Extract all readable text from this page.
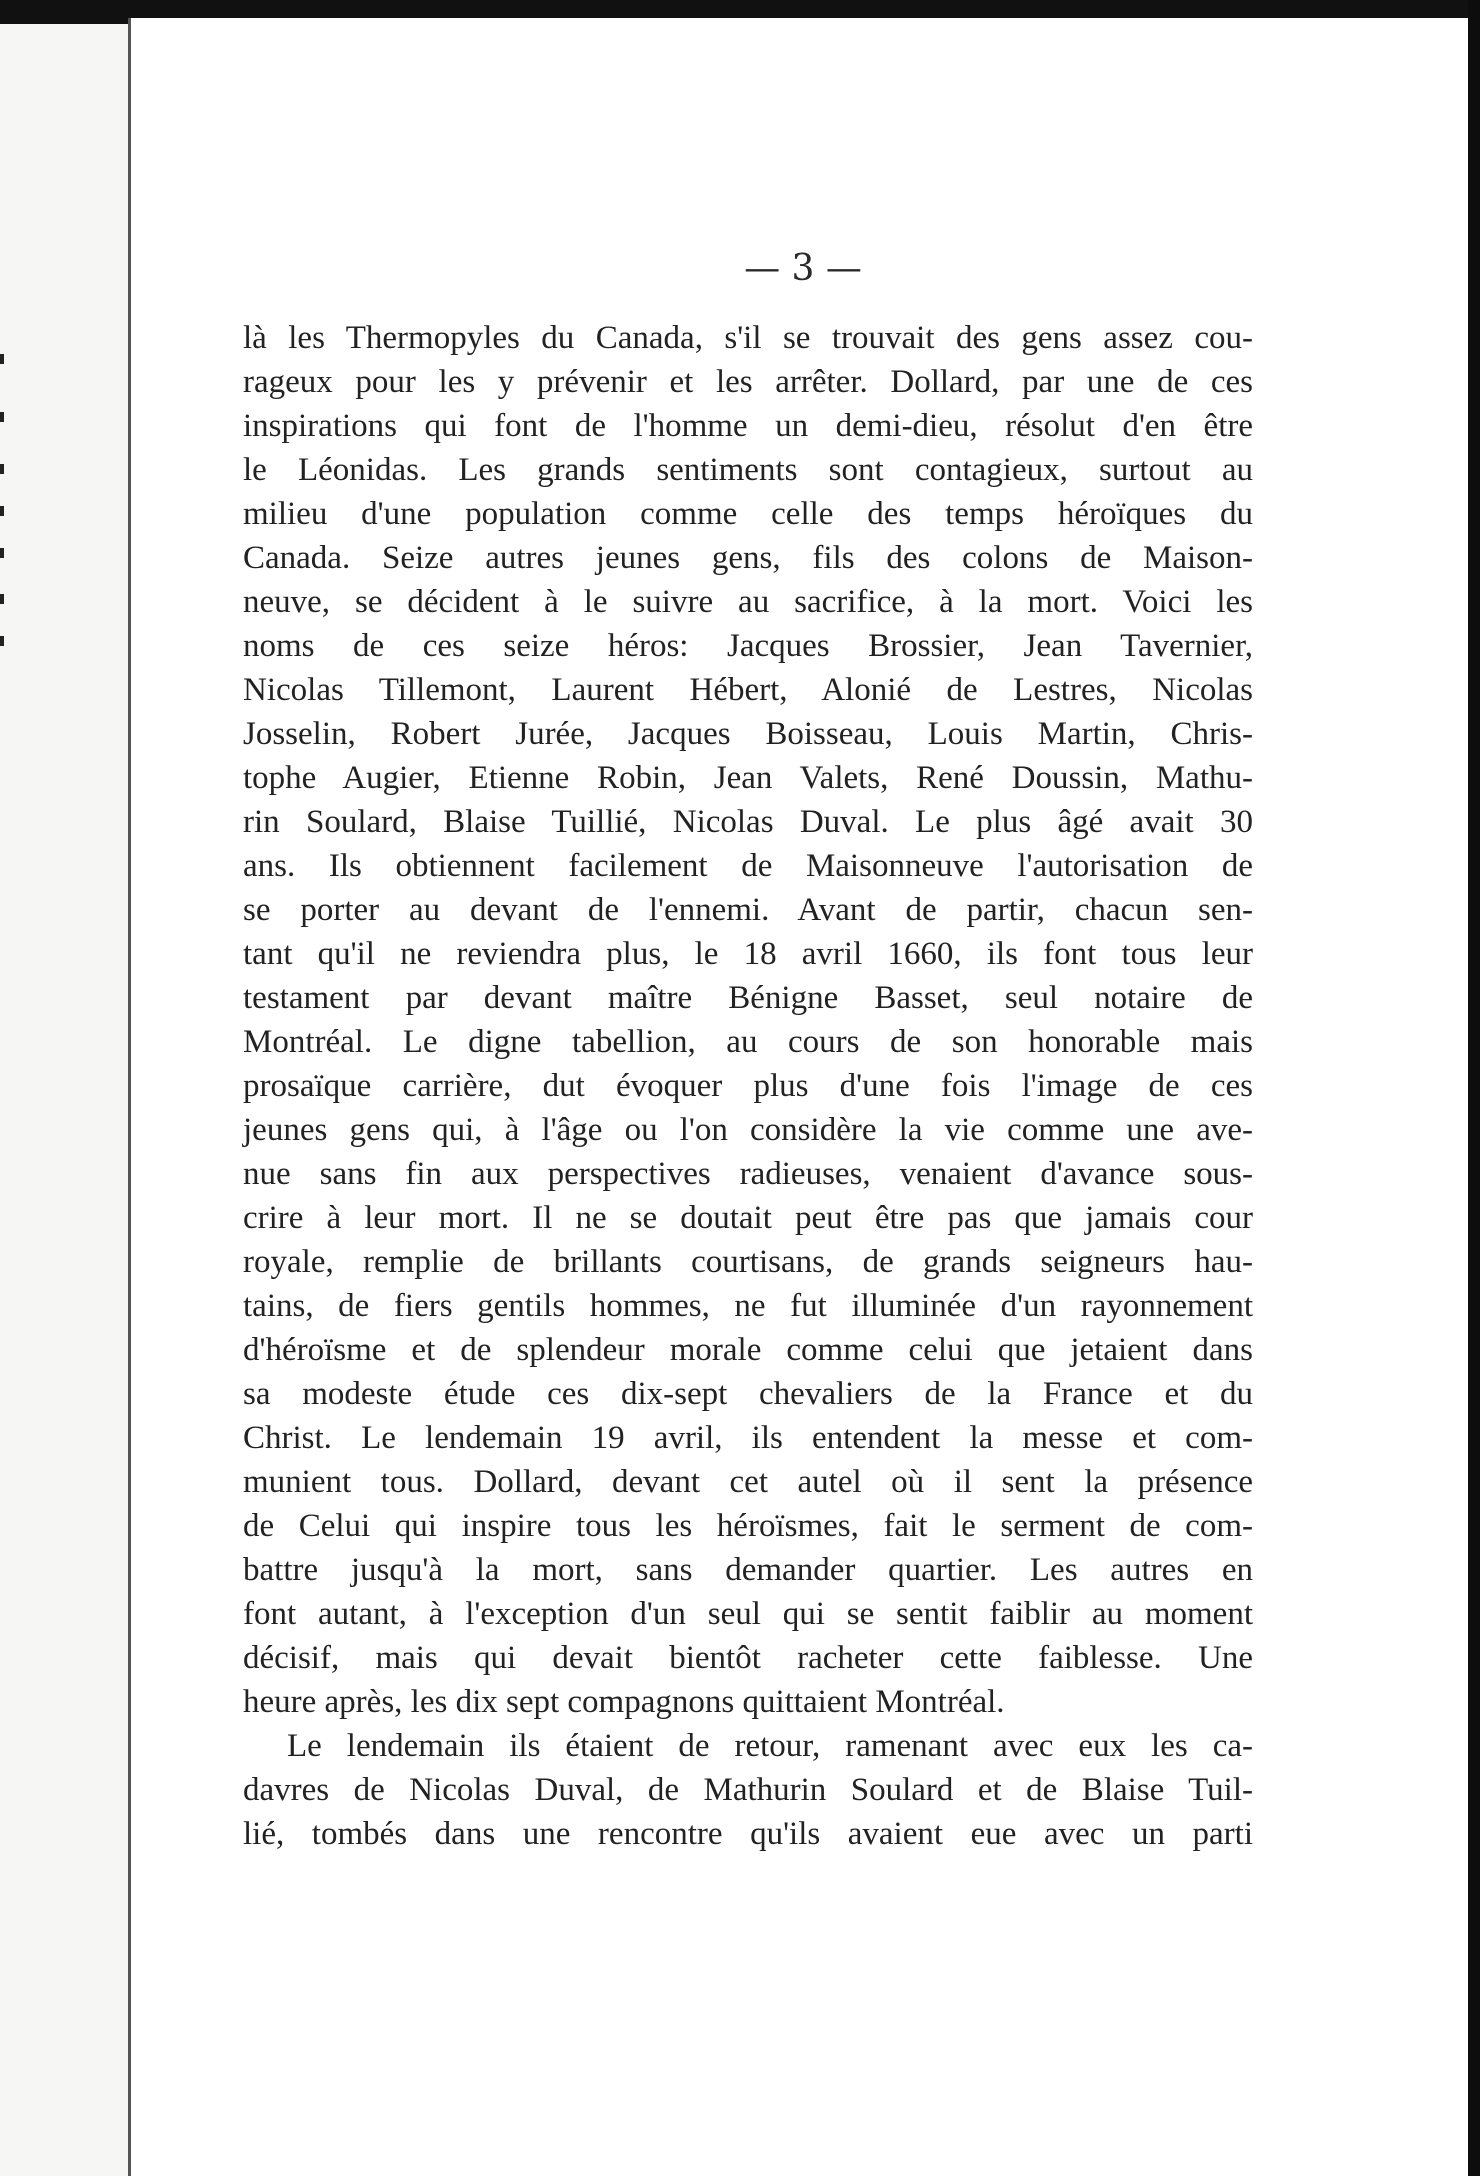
— 3 —
là les Thermopyles du Canada, s'il se trouvait des gens assez cou-
rageux pour les y prévenir et les arrêter. Dollard, par une de ces
inspirations qui font de l'homme un demi-dieu, résolut d'en être
le Léonidas. Les grands sentiments sont contagieux, surtout au
milieu d'une population comme celle des temps héroïques du
Canada. Seize autres jeunes gens, fils des colons de Maison-
neuve, se décident à le suivre au sacrifice, à la mort. Voici les
noms de ces seize héros: Jacques Brossier, Jean Tavernier,
Nicolas Tillemont, Laurent Hébert, Alonié de Lestres, Nicolas
Josselin, Robert Jurée, Jacques Boisseau, Louis Martin, Chris-
tophe Augier, Etienne Robin, Jean Valets, René Doussin, Mathu-
rin Soulard, Blaise Tuillié, Nicolas Duval. Le plus âgé avait 30
ans. Ils obtiennent facilement de Maisonneuve l'autorisation de
se porter au devant de l'ennemi. Avant de partir, chacun sen-
tant qu'il ne reviendra plus, le 18 avril 1660, ils font tous leur
testament par devant maître Bénigne Basset, seul notaire de
Montréal. Le digne tabellion, au cours de son honorable mais
prosaïque carrière, dut évoquer plus d'une fois l'image de ces
jeunes gens qui, à l'âge ou l'on considère la vie comme une ave-
nue sans fin aux perspectives radieuses, venaient d'avance sous-
crire à leur mort. Il ne se doutait peut être pas que jamais cour
royale, remplie de brillants courtisans, de grands seigneurs hau-
tains, de fiers gentils hommes, ne fut illuminée d'un rayonnement
d'héroïsme et de splendeur morale comme celui que jetaient dans
sa modeste étude ces dix-sept chevaliers de la France et du
Christ. Le lendemain 19 avril, ils entendent la messe et com-
munient tous. Dollard, devant cet autel où il sent la présence
de Celui qui inspire tous les héroïsmes, fait le serment de com-
battre jusqu'à la mort, sans demander quartier. Les autres en
font autant, à l'exception d'un seul qui se sentit faiblir au moment
décisif, mais qui devait bientôt racheter cette faiblesse. Une
heure après, les dix sept compagnons quittaient Montréal.
Le lendemain ils étaient de retour, ramenant avec eux les ca-
davres de Nicolas Duval, de Mathurin Soulard et de Blaise Tuil-
lié, tombés dans une rencontre qu'ils avaient eue avec un parti
